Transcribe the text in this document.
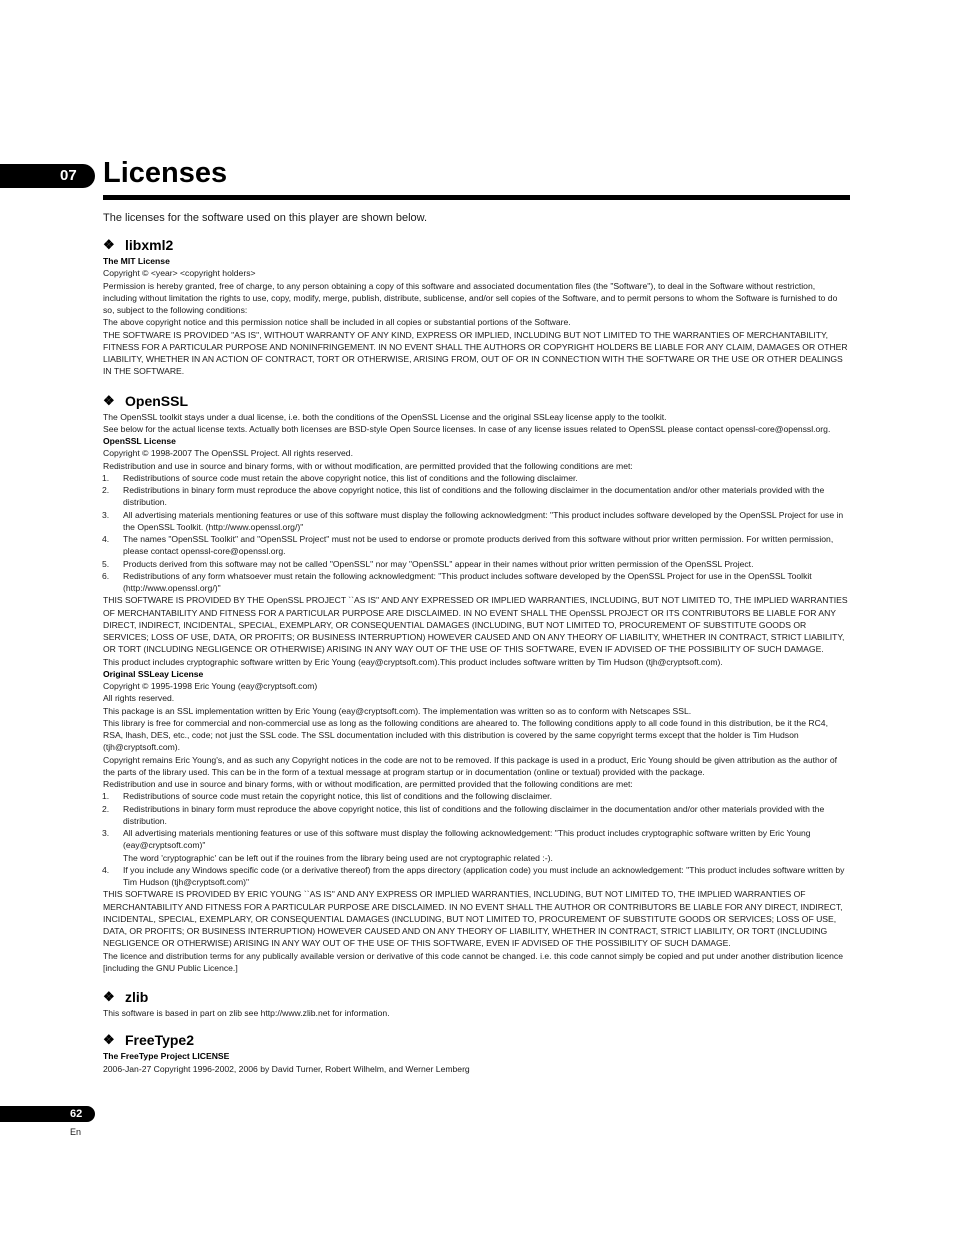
07 Licenses
The licenses for the software used on this player are shown below.
❖ libxml2

The MIT License

Copyright © <year> <copyright holders>

Permission is hereby granted, free of charge, to any person obtaining a copy of this software and associated documentation files (the "Software"), to deal in the Software without restriction, including without limitation the rights to use, copy, modify, merge, publish, distribute, sublicense, and/or sell copies of the Software, and to permit persons to whom the Software is furnished to do so, subject to the following conditions:

The above copyright notice and this permission notice shall be included in all copies or substantial portions of the Software.

THE SOFTWARE IS PROVIDED "AS IS", WITHOUT WARRANTY OF ANY KIND, EXPRESS OR IMPLIED, INCLUDING BUT NOT LIMITED TO THE WARRANTIES OF MERCHANTABILITY, FITNESS FOR A PARTICULAR PURPOSE AND NONINFRINGEMENT. IN NO EVENT SHALL THE AUTHORS OR COPYRIGHT HOLDERS BE LIABLE FOR ANY CLAIM, DAMAGES OR OTHER LIABILITY, WHETHER IN AN ACTION OF CONTRACT, TORT OR OTHERWISE, ARISING FROM, OUT OF OR IN CONNECTION WITH THE SOFTWARE OR THE USE OR OTHER DEALINGS IN THE SOFTWARE.

❖ OpenSSL

The OpenSSL toolkit stays under a dual license, i.e. both the conditions of the OpenSSL License and the original SSLeay license apply to the toolkit.

See below for the actual license texts. Actually both licenses are BSD-style Open Source licenses. In case of any license issues related to OpenSSL please contact openssl-core@openssl.org.

OpenSSL License

Copyright © 1998-2007 The OpenSSL Project. All rights reserved.

Redistribution and use in source and binary forms, with or without modification, are permitted provided that the following conditions are met:

1.	Redistributions of source code must retain the above copyright notice, this list of conditions and the following disclaimer.
2.	Redistributions in binary form must reproduce the above copyright notice, this list of conditions and the following disclaimer in the documentation and/or other materials provided with the distribution.
3.	All advertising materials mentioning features or use of this software must display the following acknowledgment: "This product includes software developed by the OpenSSL Project for use in the OpenSSL Toolkit. (http://www.openssl.org/)"
4.	The names "OpenSSL Toolkit" and "OpenSSL Project" must not be used to endorse or promote products derived from this software without prior written permission. For written permission, please contact openssl-core@openssl.org.
5.	Products derived from this software may not be called "OpenSSL" nor may "OpenSSL" appear in their names without prior written permission of the OpenSSL Project.
6.	Redistributions of any form whatsoever must retain the following acknowledgment: "This product includes software developed by the OpenSSL Project for use in the OpenSSL Toolkit (http://www.openssl.org/)"

THIS SOFTWARE IS PROVIDED BY THE OpenSSL PROJECT ``AS IS'' AND ANY EXPRESSED OR IMPLIED WARRANTIES, INCLUDING, BUT NOT LIMITED TO, THE IMPLIED WARRANTIES OF MERCHANTABILITY AND FITNESS FOR A PARTICULAR PURPOSE ARE DISCLAIMED. IN NO EVENT SHALL THE OpenSSL PROJECT OR ITS CONTRIBUTORS BE LIABLE FOR ANY DIRECT, INDIRECT, INCIDENTAL, SPECIAL, EXEMPLARY, OR CONSEQUENTIAL DAMAGES (INCLUDING, BUT NOT LIMITED TO, PROCUREMENT OF SUBSTITUTE GOODS OR SERVICES; LOSS OF USE, DATA, OR PROFITS; OR BUSINESS INTERRUPTION) HOWEVER CAUSED AND ON ANY THEORY OF LIABILITY, WHETHER IN CONTRACT, STRICT LIABILITY, OR TORT (INCLUDING NEGLIGENCE OR OTHERWISE) ARISING IN ANY WAY OUT OF THE USE OF THIS SOFTWARE, EVEN IF ADVISED OF THE POSSIBILITY OF SUCH DAMAGE.

This product includes cryptographic software written by Eric Young (eay@cryptsoft.com).This product includes software written by Tim Hudson (tjh@cryptsoft.com).

Original SSLeay License

Copyright © 1995-1998 Eric Young (eay@cryptsoft.com)

All rights reserved.

This package is an SSL implementation written by Eric Young (eay@cryptsoft.com). The implementation was written so as to conform with Netscapes SSL.

This library is free for commercial and non-commercial use as long as the following conditions are aheared to. The following conditions apply to all code found in this distribution, be it the RC4, RSA, lhash, DES, etc., code; not just the SSL code. The SSL documentation included with this distribution is covered by the same copyright terms except that the holder is Tim Hudson (tjh@cryptsoft.com).

Copyright remains Eric Young's, and as such any Copyright notices in the code are not to be removed. If this package is used in a product, Eric Young should be given attribution as the author of the parts of the library used. This can be in the form of a textual message at program startup or in documentation (online or textual) provided with the package.

Redistribution and use in source and binary forms, with or without modification, are permitted provided that the following conditions are met:

1.	Redistributions of source code must retain the copyright notice, this list of conditions and the following disclaimer.
2.	Redistributions in binary form must reproduce the above copyright notice, this list of conditions and the following disclaimer in the documentation and/or other materials provided with the distribution.
3.	All advertising materials mentioning features or use of this software must display the following acknowledgement: "This product includes cryptographic software written by Eric Young (eay@cryptsoft.com)"
The word 'cryptographic' can be left out if the rouines from the library being used are not cryptographic related :-).
4.	If you include any Windows specific code (or a derivative thereof) from the apps directory (application code) you must include an acknowledgement: "This product includes software written by Tim Hudson (tjh@cryptsoft.com)"

THIS SOFTWARE IS PROVIDED BY ERIC YOUNG ``AS IS'' AND ANY EXPRESS OR IMPLIED WARRANTIES, INCLUDING, BUT NOT LIMITED TO, THE IMPLIED WARRANTIES OF MERCHANTABILITY AND FITNESS FOR A PARTICULAR PURPOSE ARE DISCLAIMED. IN NO EVENT SHALL THE AUTHOR OR CONTRIBUTORS BE LIABLE FOR ANY DIRECT, INDIRECT, INCIDENTAL, SPECIAL, EXEMPLARY, OR CONSEQUENTIAL DAMAGES (INCLUDING, BUT NOT LIMITED TO, PROCUREMENT OF SUBSTITUTE GOODS OR SERVICES; LOSS OF USE, DATA, OR PROFITS; OR BUSINESS INTERRUPTION) HOWEVER CAUSED AND ON ANY THEORY OF LIABILITY, WHETHER IN CONTRACT, STRICT LIABILITY, OR TORT (INCLUDING NEGLIGENCE OR OTHERWISE) ARISING IN ANY WAY OUT OF THE USE OF THIS SOFTWARE, EVEN IF ADVISED OF THE POSSIBILITY OF SUCH DAMAGE.

The licence and distribution terms for any publically available version or derivative of this code cannot be changed. i.e. this code cannot simply be copied and put under another distribution licence [including the GNU Public Licence.]

❖ zlib

This software is based in part on zlib see http://www.zlib.net for information.

❖ FreeType2

The FreeType Project LICENSE

2006-Jan-27 Copyright 1996-2002, 2006 by David Turner, Robert Wilhelm, and Werner Lemberg

62
En
